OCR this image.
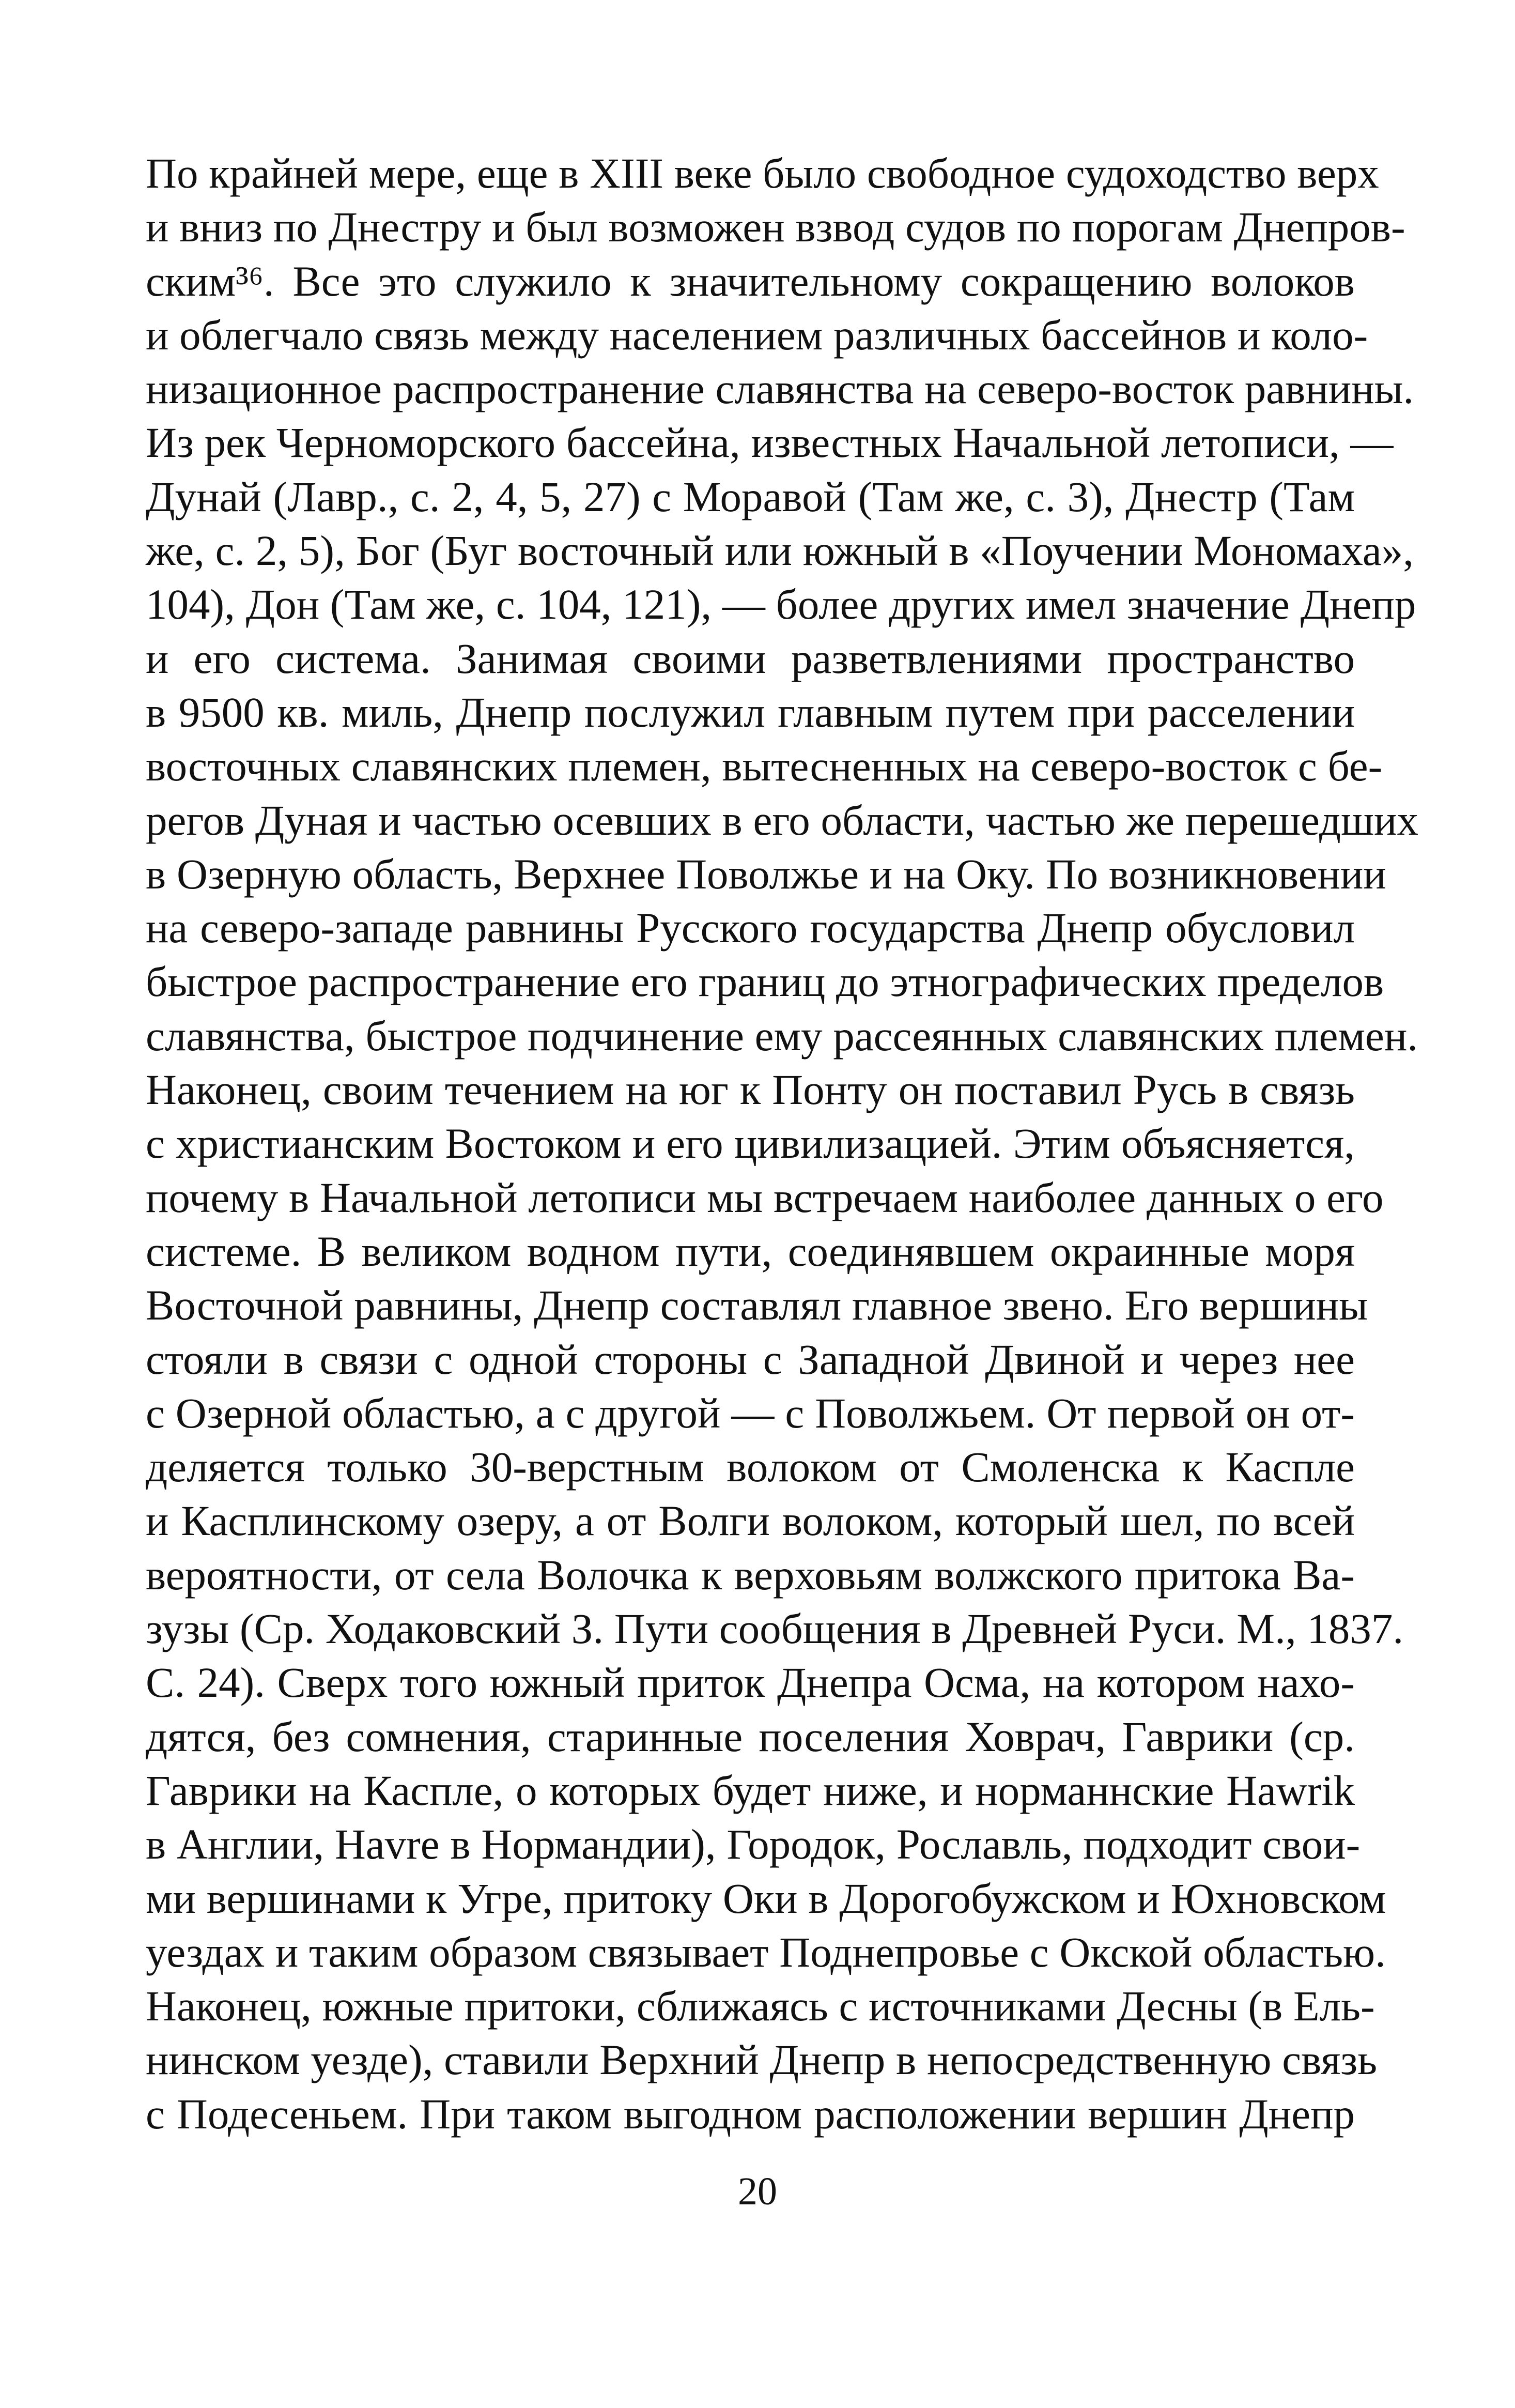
По крайней мере, еще в XIII веке было свободное судоходство верх
и вниз по Днестру и был возможен взвод судов по порогам Днепров-
ским³⁶. Все это служило к значительному сокращению волоков
и облегчало связь между населением различных бассейнов и коло-
низационное распространение славянства на северо-восток равнины.
Из рек Черноморского бассейна, известных Начальной летописи, —
Дунай (Лавр., с. 2, 4, 5, 27) с Моравой (Там же, с. 3), Днестр (Там
же, с. 2, 5), Бог (Буг восточный или южный в «Поучении Мономаха»,
104), Дон (Там же, с. 104, 121), — более других имел значение Днепр
и его система. Занимая своими разветвлениями пространство
в 9500 кв. миль, Днепр послужил главным путем при расселении
восточных славянских племен, вытесненных на северо-восток с бе-
регов Дуная и частью осевших в его области, частью же перешедших
в Озерную область, Верхнее Поволжье и на Оку. По возникновении
на северо-западе равнины Русского государства Днепр обусловил
быстрое распространение его границ до этнографических пределов
славянства, быстрое подчинение ему рассеянных славянских племен.
Наконец, своим течением на юг к Понту он поставил Русь в связь
с христианским Востоком и его цивилизацией. Этим объясняется,
почему в Начальной летописи мы встречаем наиболее данных о его
системе. В великом водном пути, соединявшем окраинные моря
Восточной равнины, Днепр составлял главное звено. Его вершины
стояли в связи с одной стороны с Западной Двиной и через нее
с Озерной областью, а с другой — с Поволжьем. От первой он от-
деляется только 30-верстным волоком от Смоленска к Каспле
и Касплинскому озеру, а от Волги волоком, который шел, по всей
вероятности, от села Волочка к верховьям волжского притока Ва-
зузы (Ср. Ходаковский З. Пути сообщения в Древней Руси. М., 1837.
С. 24). Сверх того южный приток Днепра Осма, на котором нахо-
дятся, без сомнения, старинные поселения Ховрач, Гаврики (ср.
Гаврики на Каспле, о которых будет ниже, и норманнские Hawrik
в Англии, Havre в Нормандии), Городок, Рославль, подходит свои-
ми вершинами к Угре, притоку Оки в Дорогобужском и Юхновском
уездах и таким образом связывает Поднепровье с Окской областью.
Наконец, южные притоки, сближаясь с источниками Десны (в Ель-
нинском уезде), ставили Верхний Днепр в непосредственную связь
с Подесеньем. При таком выгодном расположении вершин Днепр
20
